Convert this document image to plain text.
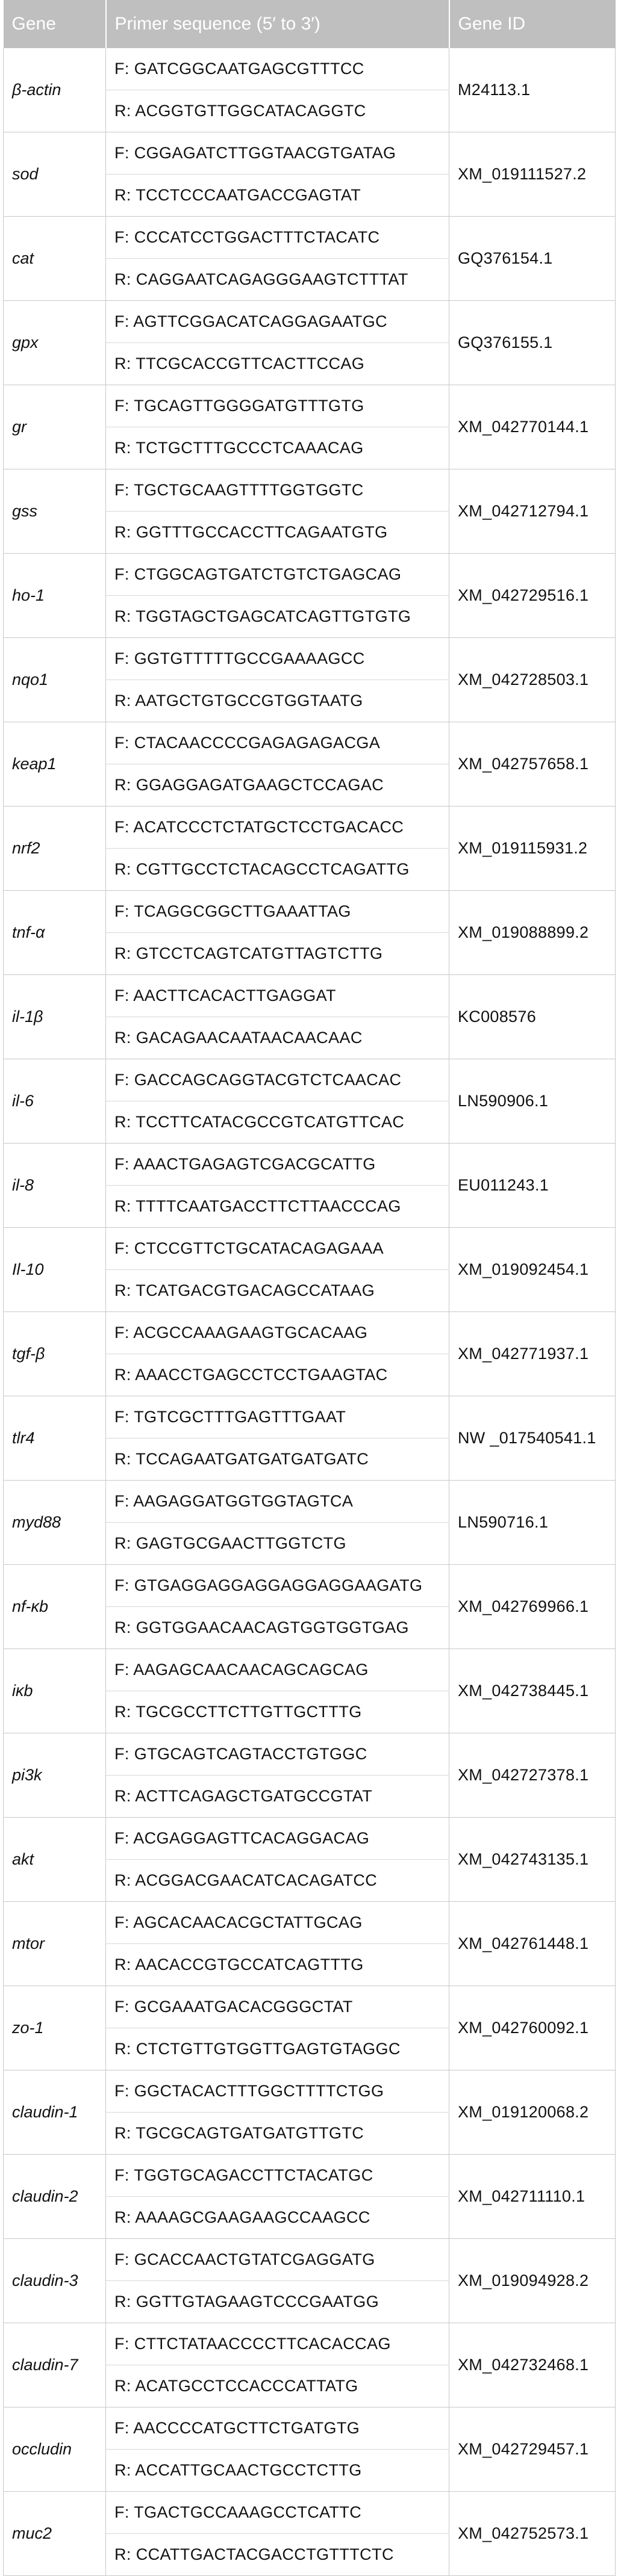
Gene	Primer sequence (5′ to 3′)	Gene ID
β-actin	F: GATCGGCAATGAGCGTTTCC	M24113.1
	R: ACGGTGTTGGCATACAGGTC	
sod	F: CGGAGATCTTGGTAACGTGATAG	XM_019111527.2
	R: TCCTCCCAATGACCGAGTAT	
cat	F: CCCATCCTGGACTTTCTACATC	GQ376154.1
	R: CAGGAATCAGAGGGAAGTCTTTAT	
gpx	F: AGTTCGGACATCAGGAGAATGC	GQ376155.1
	R: TTCGCACCGTTCACTTCCAG	
gr	F: TGCAGTTGGGGATGTTTGTG	XM_042770144.1
	R: TCTGCTTTGCCCTCAAACAG	
gss	F: TGCTGCAAGTTTTGGTGGTC	XM_042712794.1
	R: GGTTTGCCACCTTCAGAATGTG	
ho-1	F: CTGGCAGTGATCTGTCTGAGCAG	XM_042729516.1
	R: TGGTAGCTGAGCATCAGTTGTGTG	
nqo1	F: GGTGTTTTTGCCGAAAAGCC	XM_042728503.1
	R: AATGCTGTGCCGTGGTAATG	
keap1	F: CTACAACCCCGAGAGAGACGA	XM_042757658.1
	R: GGAGGAGATGAAGCTCCAGAC	
nrf2	F: ACATCCCTCTATGCTCCTGACACC	XM_019115931.2
	R: CGTTGCCTCTACAGCCTCAGATTG	
tnf-α	F: TCAGGCGGCTTGAAATTAG	XM_019088899.2
	R: GTCCTCAGTCATGTTAGTCTTG	
il-1β	F: AACTTCACACTTGAGGAT	KC008576
	R: GACAGAACAATAACAACAAC	
il-6	F: GACCAGCAGGTACGTCTCAACAC	LN590906.1
	R: TCCTTCATACGCCGTCATGTTCAC	
il-8	F: AAACTGAGAGTCGACGCATTG	EU011243.1
	R: TTTTCAATGACCTTCTTAACCCAG	
Il-10	F: CTCCGTTCTGCATACAGAGAAA	XM_019092454.1
	R: TCATGACGTGACAGCCATAAG	
tgf-β	F: ACGCCAAAGAAGTGCACAAG	XM_042771937.1
	R: AAACCTGAGCCTCCTGAAGTAC	
tlr4	F: TGTCGCTTTGAGTTTGAAT	NW _017540541.1
	R: TCCAGAATGATGATGATGATC	
myd88	F: AAGAGGATGGTGGTAGTCA	LN590716.1
	R: GAGTGCGAACTTGGTCTG	
nf-κb	F: GTGAGGAGGAGGAGGAGGAAGATG	XM_042769966.1
	R: GGTGGAACAACAGTGGTGGTGAG	
iκb	F: AAGAGCAACAACAGCAGCAG	XM_042738445.1
	R: TGCGCCTTCTTGTTGCTTTG	
pi3k	F: GTGCAGTCAGTACCTGTGGC	XM_042727378.1
	R: ACTTCAGAGCTGATGCCGTAT	
akt	F: ACGAGGAGTTCACAGGACAG	XM_042743135.1
	R: ACGGACGAACATCACAGATCC	
mtor	F: AGCACAACACGCTATTGCAG	XM_042761448.1
	R: AACACCGTGCCATCAGTTTG	
zo-1	F: GCGAAATGACACGGGCTAT	XM_042760092.1
	R: CTCTGTTGTGGTTGAGTGTAGGC	
claudin-1	F: GGCTACACTTTGGCTTTTCTGG	XM_019120068.2
	R: TGCGCAGTGATGATGTTGTC	
claudin-2	F: TGGTGCAGACCTTCTACATGC	XM_042711110.1
	R: AAAAGCGAAGAAGCCAAGCC	
claudin-3	F: GCACCAACTGTATCGAGGATG	XM_019094928.2
	R: GGTTGTAGAAGTCCCGAATGG	
claudin-7	F: CTTCTATAACCCCTTCACACCAG	XM_042732468.1
	R: ACATGCCTCCACCCATTATG	
occludin	F: AACCCCATGCTTCTGATGTG	XM_042729457.1
	R: ACCATTGCAACTGCCTCTTG	
muc2	F: TGACTGCCAAAGCCTCATTC	XM_042752573.1
	R: CCATTGACTACGACCTGTTTCTC	
